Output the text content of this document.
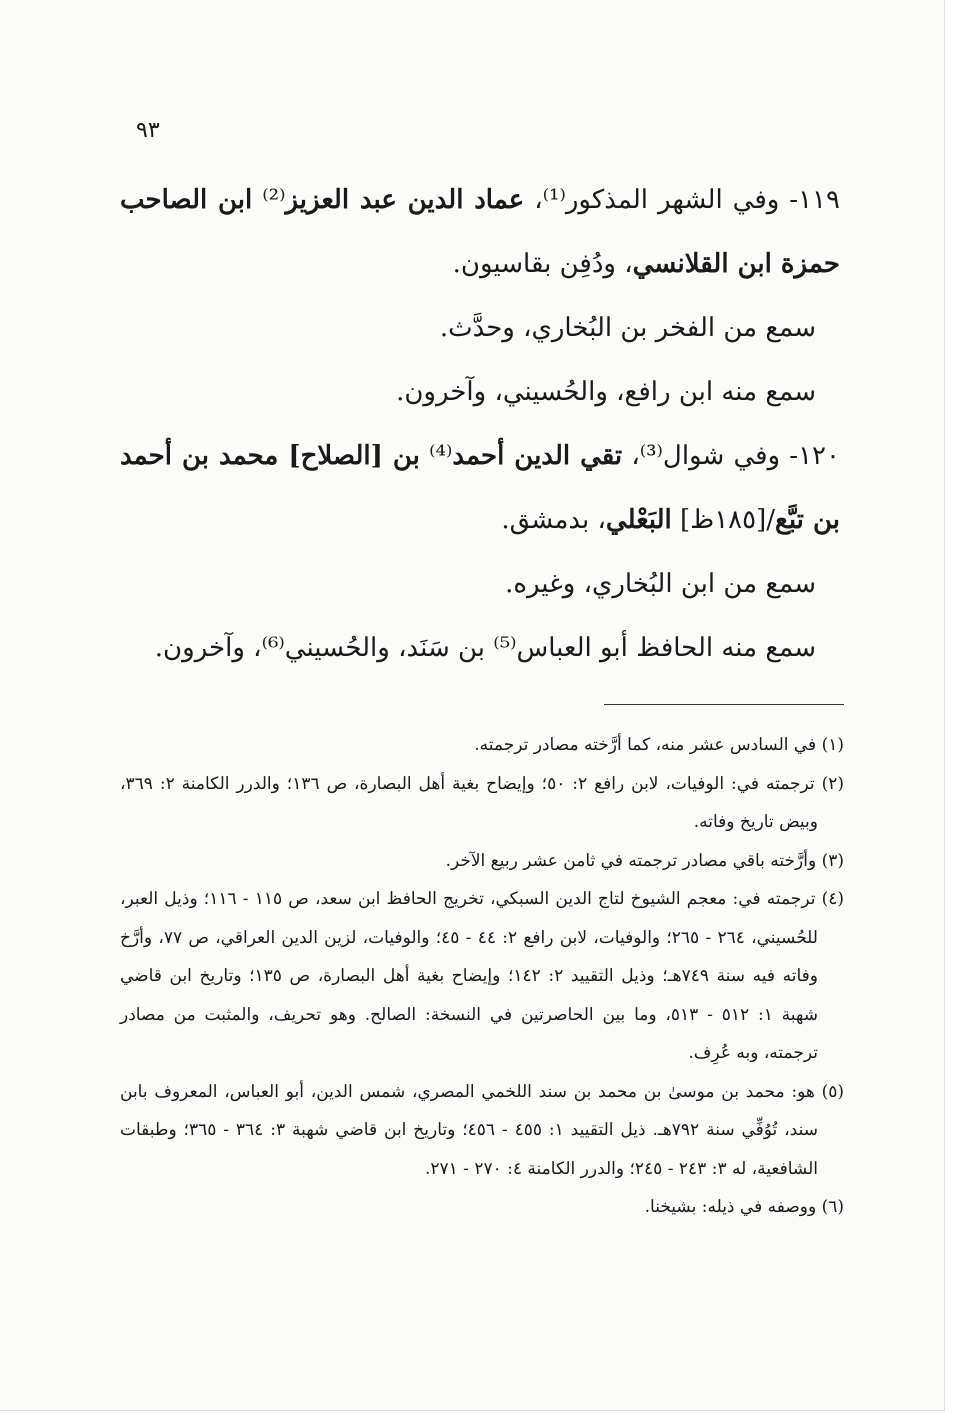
٩٣

١١٩- وفي الشهر المذكور⁽¹⁾، عماد الدين عبد العزيز⁽²⁾ ابن الصاحب حمزة ابن القلانسي، ودُفِن بقاسيون.

سمع من الفخر بن البُخاري، وحدَّث.

سمع منه ابن رافع، والحُسيني، وآخرون.

١٢٠- وفي شوال⁽³⁾، تقي الدين أحمد⁽⁴⁾ بن [الصلاح] محمد بن أحمد بن تبَّع/[١٨٥ظ] البَعْلي، بدمشق.

سمع من ابن البُخاري، وغيره.

سمع منه الحافظ أبو العباس⁽⁵⁾ بن سَنَد، والحُسيني⁽⁶⁾، وآخرون.

(١) في السادس عشر منه، كما أرَّخته مصادر ترجمته.

(٢) ترجمته في: الوفيات، لابن رافع ٢: ٥٠؛ وإيضاح بغية أهل البصارة، ص ١٣٦؛ والدرر الكامنة ٢: ٣٦٩، وبيض تاريخ وفاته.

(٣) وأرَّخته باقي مصادر ترجمته في ثامن عشر ربيع الآخر.

(٤) ترجمته في: معجم الشيوخ لتاج الدين السبكي، تخريج الحافظ ابن سعد، ص ١١٥ - ١١٦؛ وذيل العبر، للحُسيني، ٢٦٤ - ٢٦٥؛ والوفيات، لابن رافع ٢: ٤٤ - ٤٥؛ والوفيات، لزين الدين العراقي، ص ٧٧، وأرَّخ وفاته فيه سنة ٧٤٩هـ؛ وذيل التقييد ٢: ١٤٢؛ وإيضاح بغية أهل البصارة، ص ١٣٥؛ وتاريخ ابن قاضي شهبة ١: ٥١٢ - ٥١٣، وما بين الحاصرتين في النسخة: الصالح. وهو تحريف، والمثبت من مصادر ترجمته، وبه عُرِف.

(٥) هو: محمد بن موسىٰ بن محمد بن سند اللخمي المصري، شمس الدين، أبو العباس، المعروف بابن سند، تُوُفِّي سنة ٧٩٢هـ. ذيل التقييد ١: ٤٥٥ - ٤٥٦؛ وتاريخ ابن قاضي شهبة ٣: ٣٦٤ - ٣٦٥؛ وطبقات الشافعية، له ٣: ٢٤٣ - ٢٤٥؛ والدرر الكامنة ٤: ٢٧٠ - ٢٧١.

(٦) ووصفه في ذيله: بشيخنا.
